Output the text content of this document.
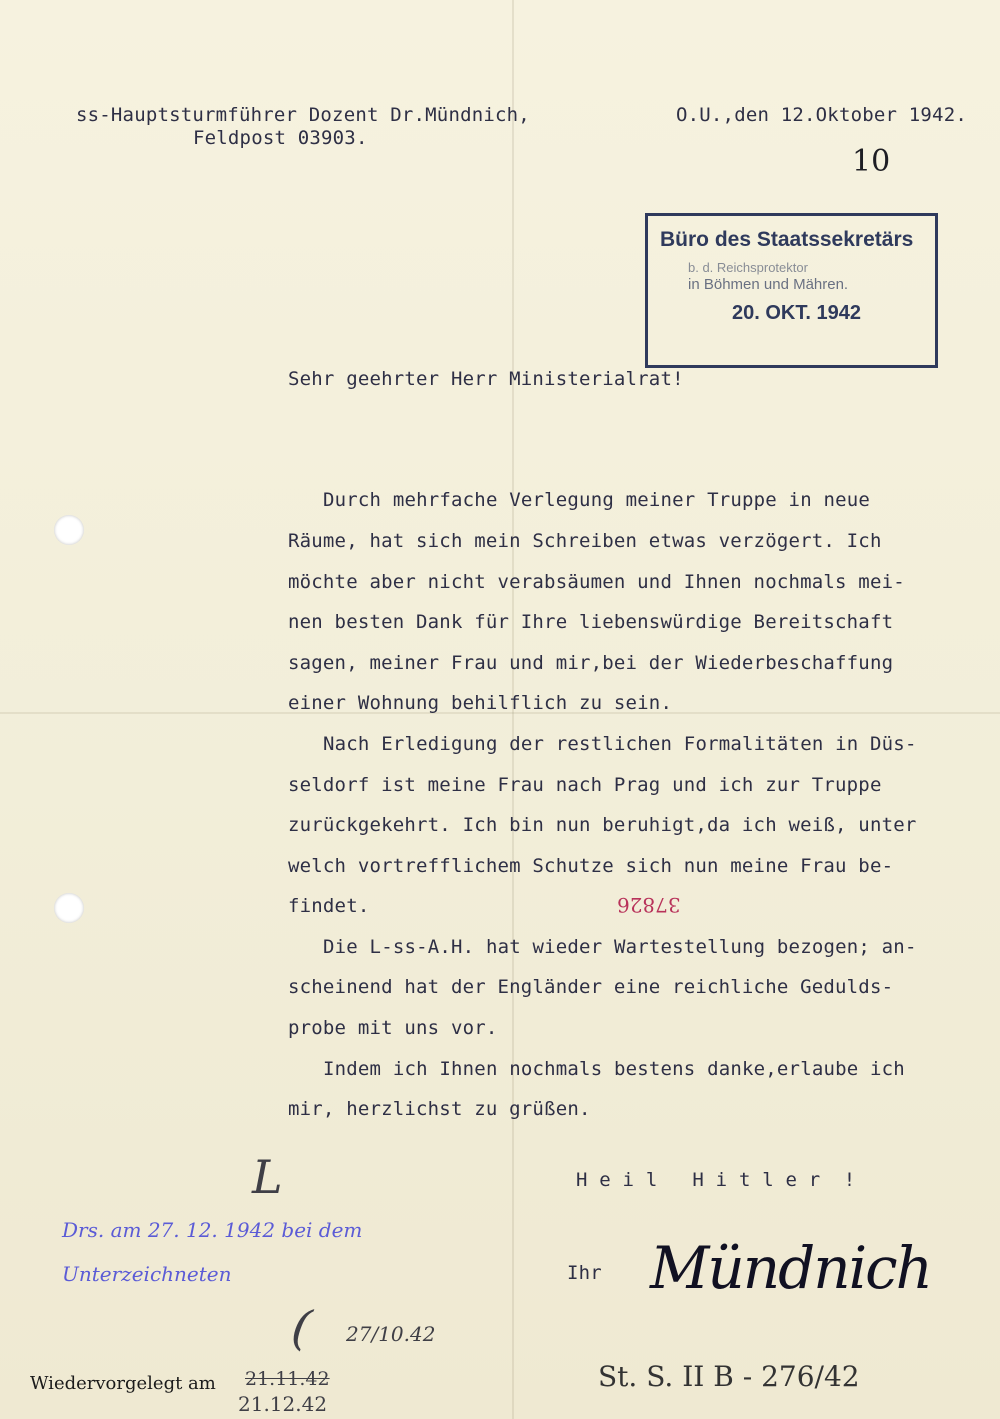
ss-Hauptsturmführer Dozent Dr.Mündnich,
Feldpost 03903.
O.U.,den 12.Oktober 1942.
10
Büro des Staatssekretärs
b. d. Reichsprotektor
in Böhmen und Mähren.
20. OKT. 1942
Sehr geehrter Herr Ministerialrat!
Durch mehrfache Verlegung meiner Truppe in neue
Räume, hat sich mein Schreiben etwas verzögert. Ich
möchte aber nicht verabsäumen und Ihnen nochmals mei-
nen besten Dank für Ihre liebenswürdige Bereitschaft
sagen, meiner Frau und mir,bei der Wiederbeschaffung
einer Wohnung behilflich zu sein.
Nach Erledigung der restlichen Formalitäten in Düs-
seldorf ist meine Frau nach Prag und ich zur Truppe
zurückgekehrt. Ich bin nun beruhigt,da ich weiß, unter
welch vortrefflichem Schutze sich nun meine Frau be-
findet.
Die L-ss-A.H. hat wieder Wartestellung bezogen; an-
scheinend hat der Engländer eine reichliche Gedulds-
probe mit uns vor.
Indem ich Ihnen nochmals bestens danke,erlaube ich
mir, herzlichst zu grüßen.
H e i l   H i t l e r  !
Ihr Mündnich
37826
Drs. am 27. 12. 1942 bei dem
Unterzeichneten
L
( 27/10.42
Wiedervorgelegt am 21.11.42
21.12.42
St. S. II B - 276/42
